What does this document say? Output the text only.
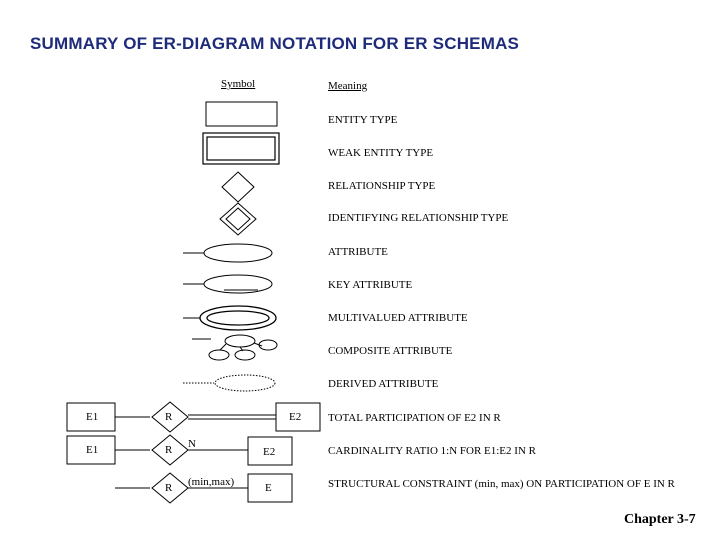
SUMMARY OF ER-DIAGRAM NOTATION FOR ER SCHEMAS
Symbol	Meaning
ENTITY TYPE
WEAK ENTITY TYPE
RELATIONSHIP TYPE
IDENTIFYING RELATIONSHIP TYPE
ATTRIBUTE
KEY ATTRIBUTE
MULTIVALUED ATTRIBUTE
COMPOSITE ATTRIBUTE
DERIVED ATTRIBUTE
TOTAL PARTICIPATION OF E2 IN R
CARDINALITY RATIO 1:N FOR E1:E2 IN R
STRUCTURAL CONSTRAINT (min, max) ON PARTICIPATION OF E IN R
E1	R	E2
E1	R N
E2
R (min,max)	E
Chapter 3-7
